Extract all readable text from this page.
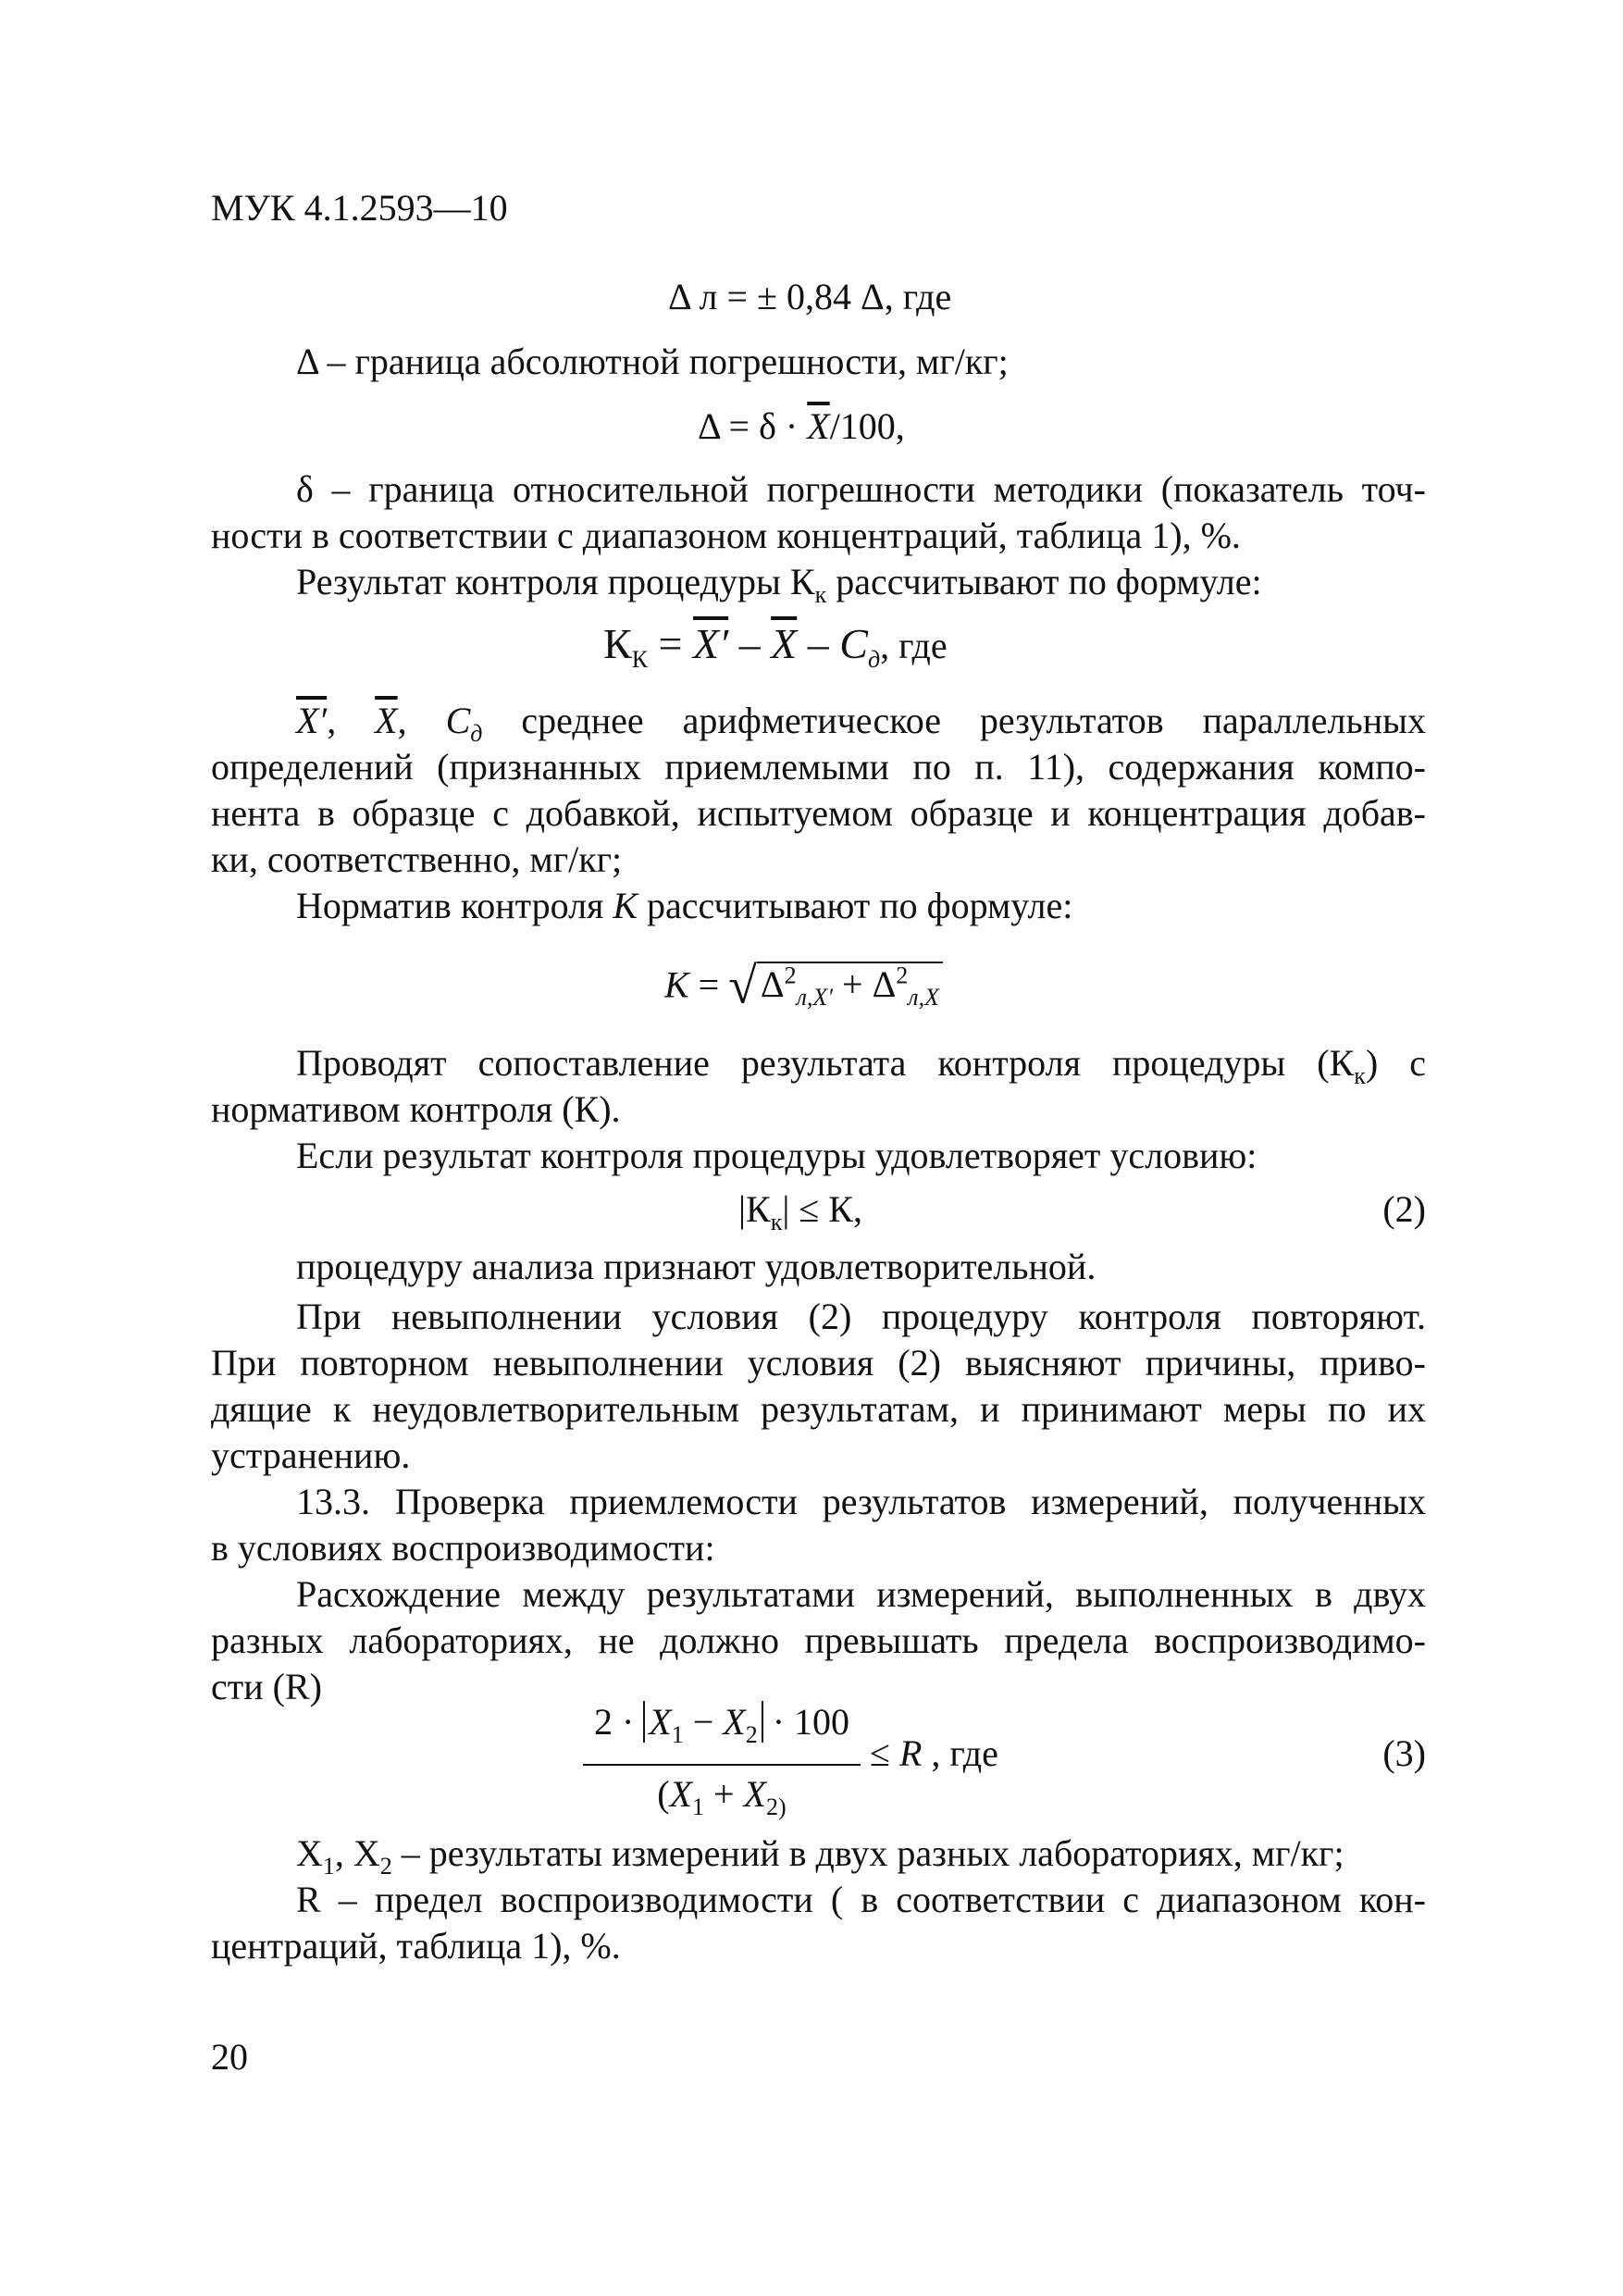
МУК 4.1.2593—10
Δ л = ± 0,84 Δ, где
Δ – граница абсолютной погрешности, мг/кг;
$\Delta = \delta \cdot \overline{X}/100$,
δ – граница относительной погрешности методики (показатель точ-
ности в соответствии с диапазоном концентраций, таблица 1), %.
Результат контроля процедуры $К_к$ рассчитывают по формуле:
$К_К = X' - \overline{X} - C_д$, где
X′, $\overline{X}$, $C_д$ среднее арифметическое результатов параллельных
определений (признанных приемлемыми по п. 11), содержания компо-
нента в образце с добавкой, испытуемом образце и концентрация добав-
ки, соответственно, мг/кг;
Норматив контроля К рассчитывают по формуле:
К = √ $\Delta^2_{л,X'} + \Delta^2_{л,X}$
Проводят сопоставление результата контроля процедуры $(К_к)$ с
нормативом контроля (К).
Если результат контроля процедуры удовлетворяет условию:
$|К_к| \le К$,	(2)
процедуру анализа признают удовлетворительной.
При невыполнении условия (2) процедуру контроля повторяют.
При повторном невыполнении условия (2) выясняют причины, приво-
дящие к неудовлетворительным результатам, и принимают меры по их
устранению.
13.3. Проверка приемлемости результатов измерений, полученных
в условиях воспроизводимости:
Расхождение между результатами измерений, выполненных в двух
разных лабораториях, не должно превышать предела воспроизводимо-
сти (R)
$2 \cdot X_1 - X_2 \cdot 100$
($X_1 + X_{2)}$
≤ R , где	(3)
$X_1$, $X_2$ – результаты измерений в двух разных лабораториях, мг/кг;
R – предел воспроизводимости ( в соответствии с диапазоном кон-
центраций, таблица 1), %.
20
